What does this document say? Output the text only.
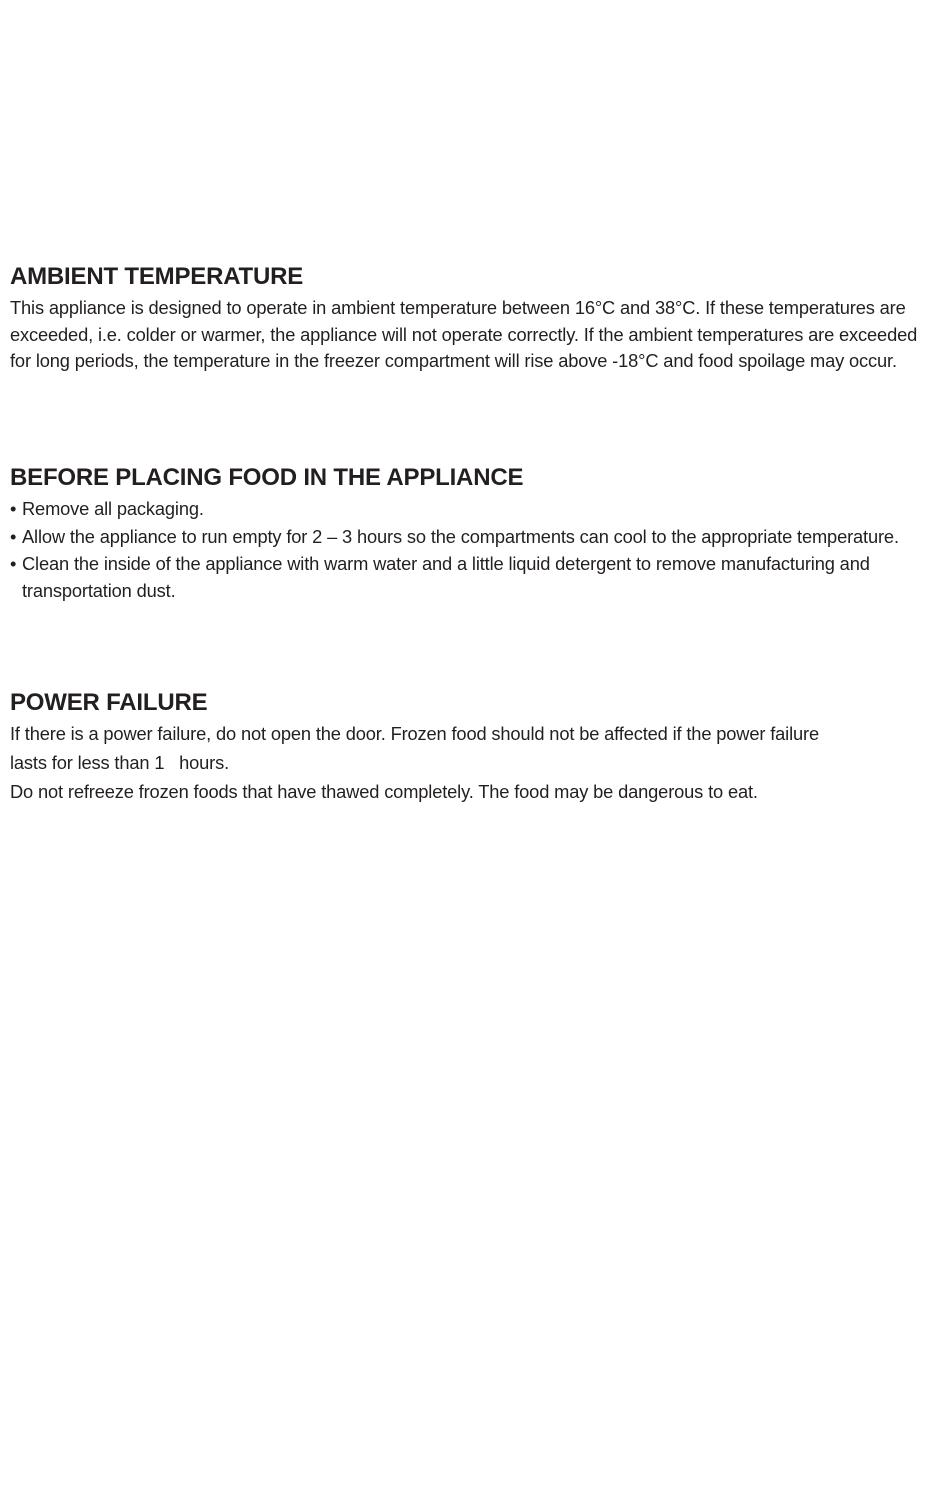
AMBIENT TEMPERATURE

This appliance is designed to operate in ambient temperature between 16°C and 38°C. If these temperatures are exceeded, i.e. colder or warmer, the appliance will not operate correctly. If the ambient temperatures are exceeded for long periods, the temperature in the freezer compartment will rise above -18°C and food spoilage may occur.

BEFORE PLACING FOOD IN THE APPLIANCE
• Remove all packaging.
• Allow the appliance to run empty for 2 – 3 hours so the compartments can cool to the appropriate temperature.
• Clean the inside of the appliance with warm water and a little liquid detergent to remove manufacturing and transportation dust.
POWER FAILURE
If there is a power failure, do not open the door. Frozen food should not be affected if the power failure
lasts for less than 1   hours.
Do not refreeze frozen foods that have thawed completely. The food may be dangerous to eat.
